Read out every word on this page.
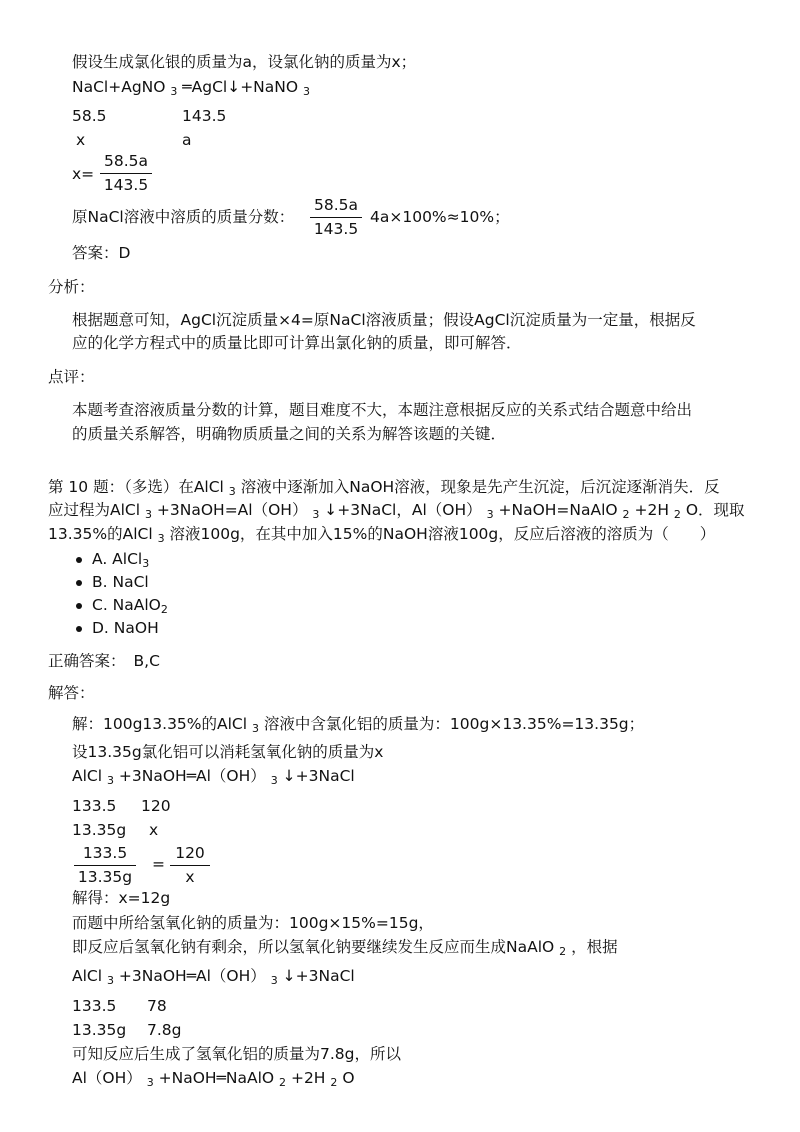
假设生成氯化银的质量为a，设氯化钠的质量为x；
NaCl+AgNO $_3$ ═AgCl↓+NaNO $_3$
58.5	143.5
x	a
$x= \frac{58.5a}{143.5}$
原NaCl溶液中溶质的质量分数： $\frac{58.5a}{143.5} 4a\times 100\%\approx 10\%$；
答案：D
分析：
根据题意可知，AgCl沉淀质量×4=原NaCl溶液质量；假设AgCl沉淀质量为一定量，根据反
应的化学方程式中的质量比即可计算出氯化钠的质量，即可解答．
点评：
本题考查溶液质量分数的计算，题目难度不大，本题注意根据反应的关系式结合题意中给出
的质量关系解答，明确物质质量之间的关系为解答该题的关键．
第 10 题：（多选）在AlCl $_3$ 溶液中逐渐加入NaOH溶液，现象是先产生沉淀，后沉淀逐渐消失．反
应过程为AlCl $_3$ +3NaOH=Al（OH） $_3$ ↓+3NaCl，Al（OH） $_3$ +NaOH=NaAlO $_2$ +2H $_2$ O．现取
13.35%的AlCl $_3$ 溶液100g，在其中加入15%的NaOH溶液100g，反应后溶液的溶质为（　　）
A. AlCl$_3$
B. NaCl
C. NaAlO$_2$
D. NaOH
正确答案： B,C
解答：
解：100g13.35%的AlCl $_3$ 溶液中含氯化铝的质量为：100g×13.35%=13.35g；
设13.35g氯化铝可以消耗氢氧化钠的质量为x
AlCl $_3$ +3NaOH═Al（OH） $_3$ ↓+3NaCl
133.5 120
13.35g x
$\frac{133.5}{13.35g} = \frac{120}{x}$
解得：x=12g
而题中所给氢氧化钠的质量为：100g×15%=15g，
即反应后氢氧化钠有剩余，所以氢氧化钠要继续发生反应而生成NaAlO $_2$ ，根据
AlCl $_3$ +3NaOH═Al（OH） $_3$ ↓+3NaCl
133.5 78
13.35g 7.8g
可知反应后生成了氢氧化铝的质量为7.8g，所以
Al（OH） $_3$ +NaOH═NaAlO $_2$ +2H $_2$ O
